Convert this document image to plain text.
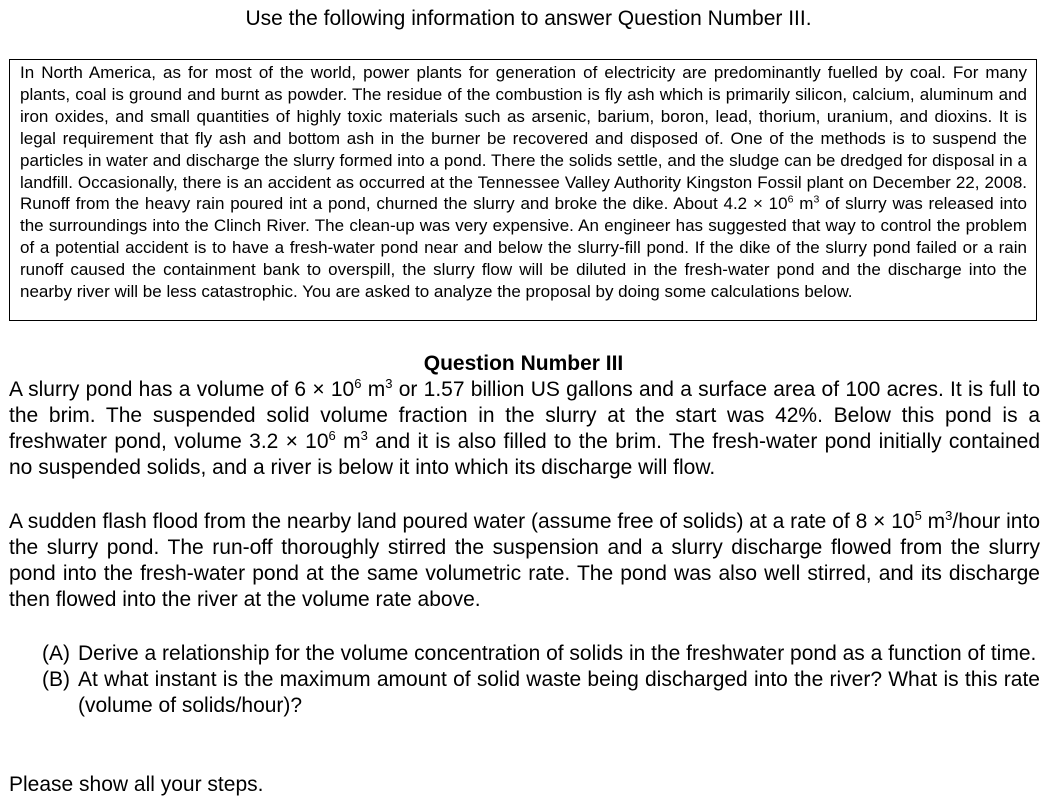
Use the following information to answer Question Number III.
In North America, as for most of the world, power plants for generation of electricity are predominantly fuelled by coal. For many plants, coal is ground and burnt as powder. The residue of the combustion is fly ash which is primarily silicon, calcium, aluminum and iron oxides, and small quantities of highly toxic materials such as arsenic, barium, boron, lead, thorium, uranium, and dioxins. It is legal requirement that fly ash and bottom ash in the burner be recovered and disposed of. One of the methods is to suspend the particles in water and discharge the slurry formed into a pond. There the solids settle, and the sludge can be dredged for disposal in a landfill. Occasionally, there is an accident as occurred at the Tennessee Valley Authority Kingston Fossil plant on December 22, 2008. Runoff from the heavy rain poured int a pond, churned the slurry and broke the dike. About $4.2 \times 10^6$ $m^3$ of slurry was released into the surroundings into the Clinch River. The clean-up was very expensive. An engineer has suggested that way to control the problem of a potential accident is to have a fresh-water pond near and below the slurry-fill pond. If the dike of the slurry pond failed or a rain runoff caused the containment bank to overspill, the slurry flow will be diluted in the fresh-water pond and the discharge into the nearby river will be less catastrophic. You are asked to analyze the proposal by doing some calculations below.
Question Number III
A slurry pond has a volume of $6 \times 10^6$ $m^3$ or 1.57 billion US gallons and a surface area of 100 acres. It is full to the brim. The suspended solid volume fraction in the slurry at the start was 42%. Below this pond is a freshwater pond, volume $3.2 \times 10^6$ $m^3$ and it is also filled to the brim. The fresh-water pond initially contained no suspended solids, and a river is below it into which its discharge will flow.
A sudden flash flood from the nearby land poured water (assume free of solids) at a rate of $8 \times 10^5$ $m^3$/hour into the slurry pond. The run-off thoroughly stirred the suspension and a slurry discharge flowed from the slurry pond into the fresh-water pond at the same volumetric rate. The pond was also well stirred, and its discharge then flowed into the river at the volume rate above.
(A) Derive a relationship for the volume concentration of solids in the freshwater pond as a function of time.
(B) At what instant is the maximum amount of solid waste being discharged into the river? What is this rate (volume of solids/hour)?
Please show all your steps.
